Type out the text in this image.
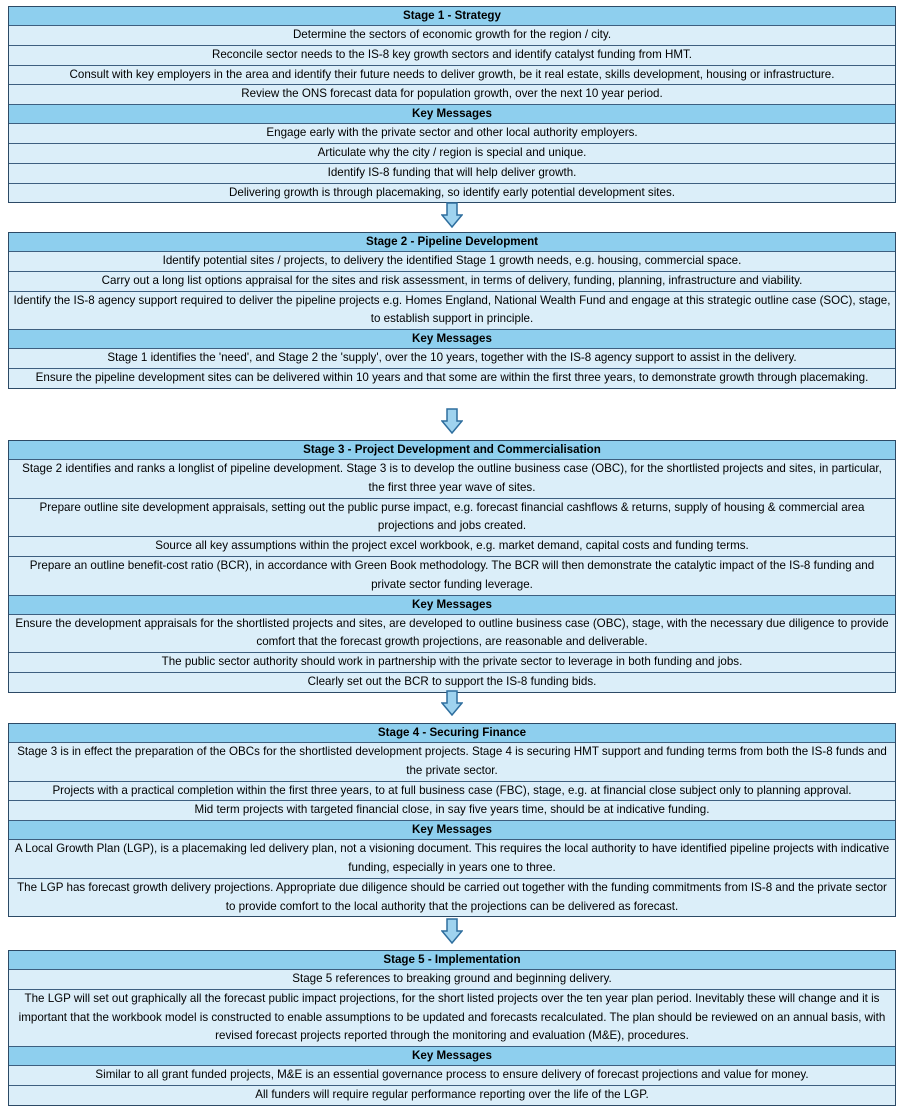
Stage 1 - Strategy
Determine the sectors of economic growth for the region / city.
Reconcile sector needs to the IS-8 key growth sectors and identify catalyst funding from HMT.
Consult with key employers in the area and identify their future needs to deliver growth, be it real estate, skills development, housing or infrastructure.
Review the ONS forecast data for population growth, over the next 10 year period.
Key Messages
Engage early with the private sector and other local authority employers.
Articulate why the city / region is special and unique.
Identify IS-8 funding that will help deliver growth.
Delivering growth is through placemaking, so identify early potential development sites.
Stage 2 - Pipeline Development
Identify potential sites / projects, to delivery the identified Stage 1 growth needs, e.g. housing, commercial space.
Carry out a long list options appraisal for the sites and risk assessment, in terms of delivery, funding, planning, infrastructure and viability.
Identify the IS-8 agency support required to deliver the pipeline projects e.g. Homes England, National Wealth Fund and engage at this strategic outline case (SOC), stage, to establish support in principle.
Key Messages
Stage 1 identifies the 'need', and Stage 2 the 'supply', over the 10 years, together with the IS-8 agency support to assist in the delivery.
Ensure the pipeline development sites can be delivered within 10 years and that some are within the first three years, to demonstrate growth through placemaking.
Stage 3 - Project Development and Commercialisation
Stage 2 identifies and ranks a longlist of pipeline development. Stage 3 is to develop the outline business case (OBC), for the shortlisted projects and sites, in particular, the first three year wave of sites.
Prepare outline site development appraisals, setting out the public purse impact, e.g. forecast financial cashflows & returns, supply of housing & commercial area projections and jobs created.
Source all key assumptions within the project excel workbook, e.g. market demand, capital costs and funding terms.
Prepare an outline benefit-cost ratio (BCR), in accordance with Green Book methodology. The BCR will then demonstrate the catalytic impact of the IS-8 funding and private sector funding leverage.
Key Messages
Ensure the development appraisals for the shortlisted projects and sites, are developed to outline business case (OBC), stage, with the necessary due diligence to provide comfort that the forecast growth projections, are reasonable and deliverable.
The public sector authority should work in partnership with the private sector to leverage in both funding and jobs.
Clearly set out the BCR to support the IS-8 funding bids.
Stage 4 - Securing Finance
Stage 3 is in effect the preparation of the OBCs for the shortlisted development projects. Stage 4 is securing HMT support and funding terms from both the IS-8 funds and the private sector.
Projects with a practical completion within the first three years, to at full business case (FBC), stage, e.g. at financial close subject only to planning approval.
Mid term projects with targeted financial close, in say five years time, should be at indicative funding.
Key Messages
A Local Growth Plan (LGP), is a placemaking led delivery plan, not a visioning document. This requires the local authority to have identified pipeline projects with indicative funding, especially in years one to three.
The LGP has forecast growth delivery projections. Appropriate due diligence should be carried out together with the funding commitments from IS-8 and the private sector to provide comfort to the local authority that the projections can be delivered as forecast.
Stage 5 - Implementation
Stage 5 references to breaking ground and beginning delivery.
The LGP will set out graphically all the forecast public impact projections, for the short listed projects over the ten year plan period. Inevitably these will change and it is important that the workbook model is constructed to enable assumptions to be updated and forecasts recalculated. The plan should be reviewed on an annual basis, with revised forecast projects reported through the monitoring and evaluation (M&E), procedures.
Key Messages
Similar to all grant funded projects, M&E is an essential governance process to ensure delivery of forecast projections and value for money.
All funders will require regular performance reporting over the life of the LGP.
